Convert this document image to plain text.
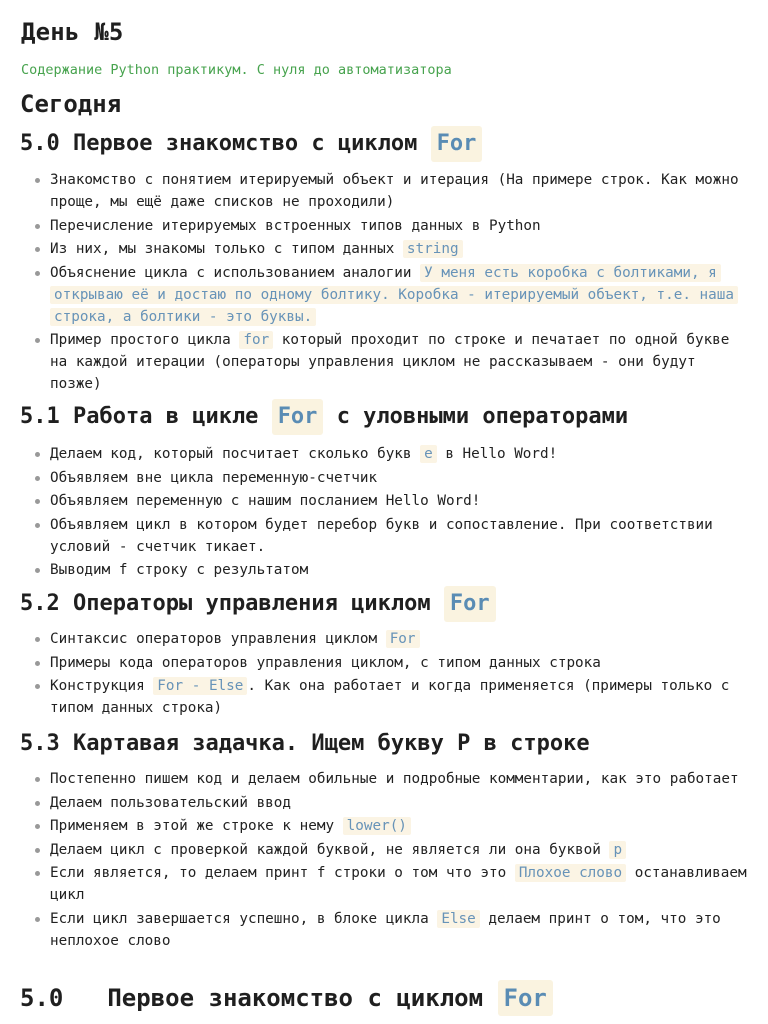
День №5
Содержание Python практикум. С нуля до автоматизатора
Сегодня
5.0 Первое знакомство с циклом For
Знакомство с понятием итерируемый объект и итерация (На примере строк. Как можно проще, мы ещё даже списков не проходили)
Перечисление итерируемых встроенных типов данных в Python
Из них, мы знакомы только с типом данных string
Объяснение цикла с использованием аналогии У меня есть коробка с болтиками, я открываю её и достаю по одному болтику. Коробка - итерируемый объект, т.е. наша строка, а болтики - это буквы.
Пример простого цикла for который проходит по строке и печатает по одной букве на каждой итерации (операторы управления циклом не рассказываем - они будут позже)
5.1 Работа в цикле For с уловными операторами
Делаем код, который посчитает сколько букв e в Hello Word!
Объявляем вне цикла переменную-счетчик
Объявляем переменную с нашим посланием Hello Word!
Объявляем цикл в котором будет перебор букв и сопоставление. При соответствии условий - счетчик тикает.
Выводим f строку с результатом
5.2 Операторы управления циклом For
Синтаксис операторов управления циклом For
Примеры кода операторов управления циклом, с типом данных строка
Конструкция For - Else . Как она работает и когда применяется (примеры только с типом данных строка)
5.3 Картавая задачка. Ищем букву Р в строке
Постепенно пишем код и делаем обильные и подробные комментарии, как это работает
Делаем пользовательский ввод
Применяем в этой же строке к нему lower()
Делаем цикл с проверкой каждой буквой, не является ли она буквой р
Если является, то делаем принт f строки о том что это Плохое слово останавливаем цикл
Если цикл завершается успешно, в блоке цикла Else делаем принт о том, что это неплохое слово
5.0 Первое знакомство с циклом For
